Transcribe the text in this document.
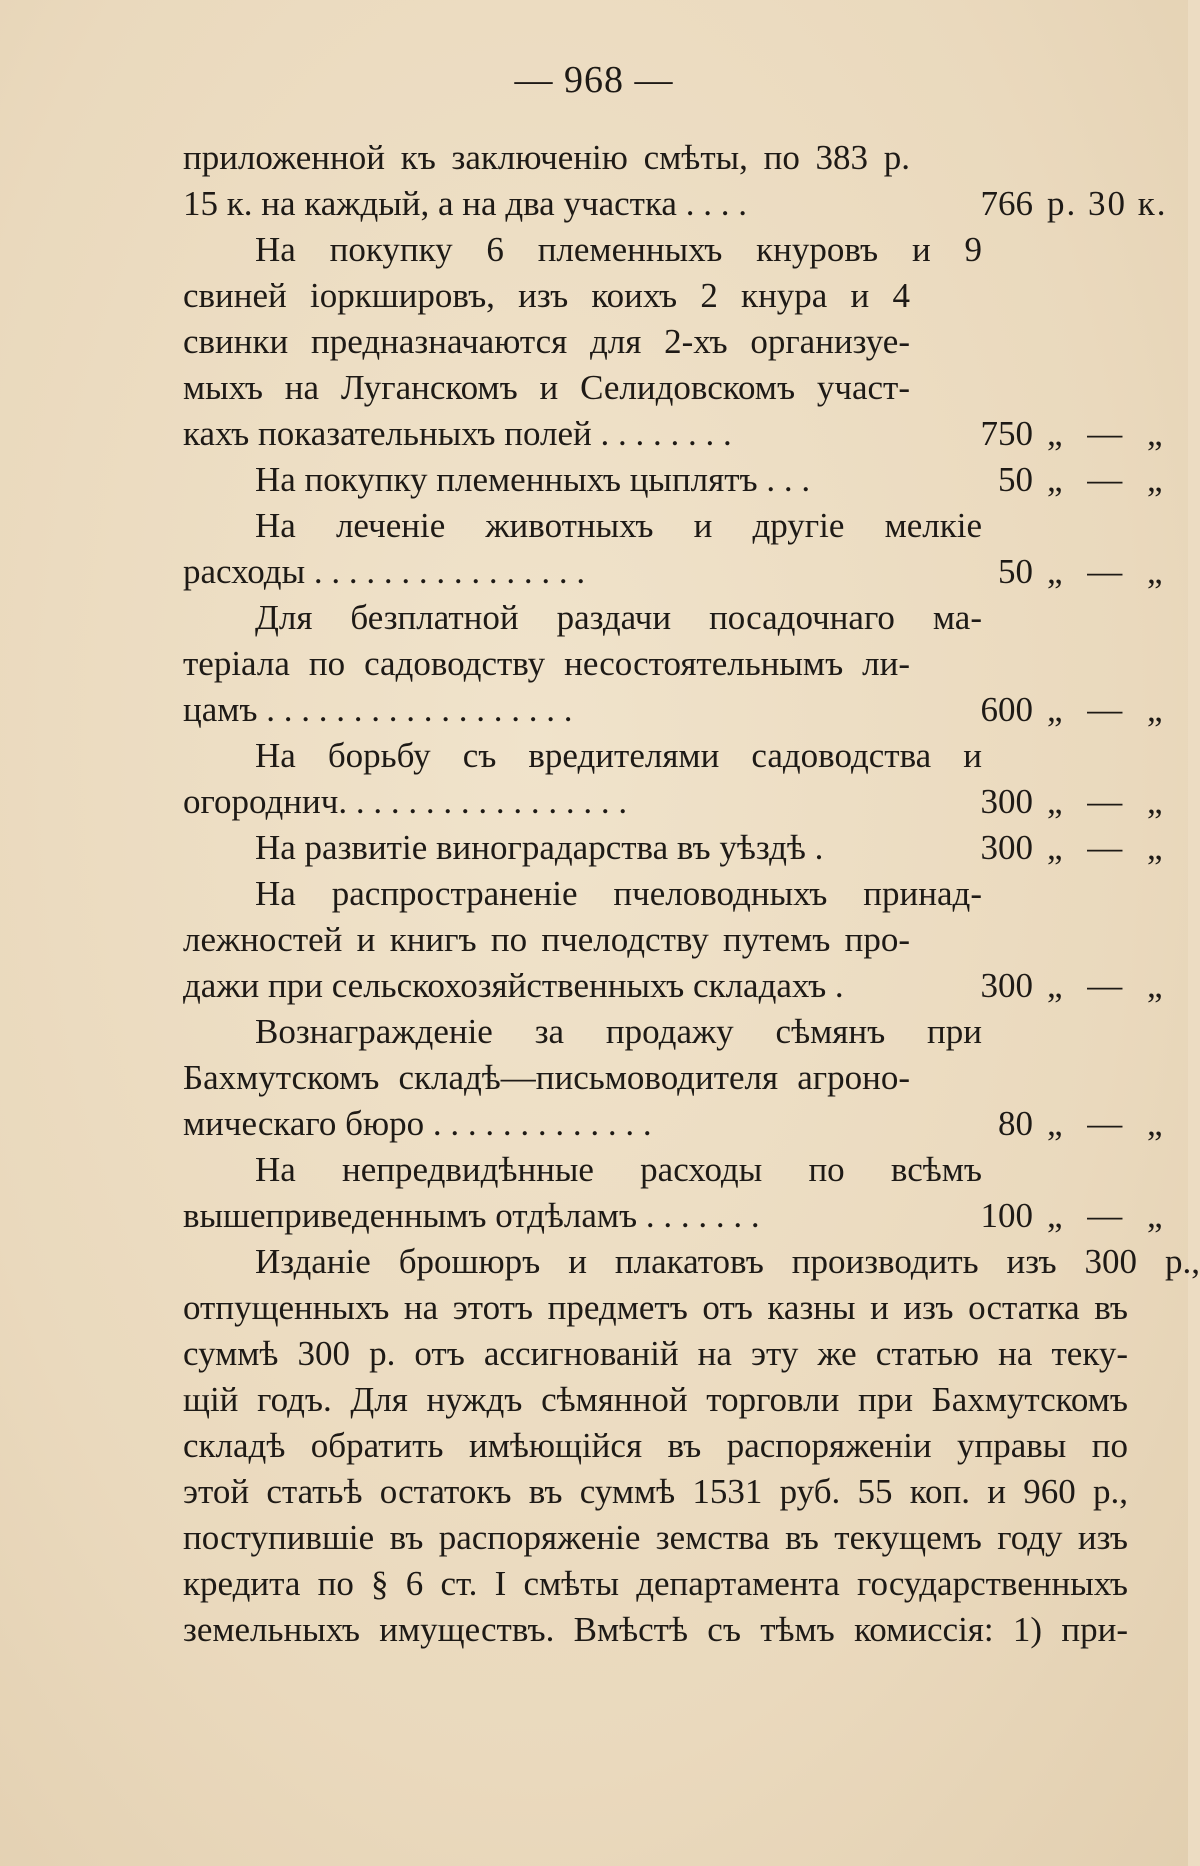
— 968 —
приложенной къ заключенію смѣты, по 383 р.
15 к. на каждый, а на два участка . . . .	766 р. 30 к.
На покупку 6 племенныхъ кнуровъ и 9
свиней іоркшировъ, изъ коихъ 2 кнура и 4
свинки предназначаются для 2-хъ организуе-
мыхъ на Луганскомъ и Селидовскомъ участ-
кахъ показательныхъ полей . . . . . . . .	750 „ — „
На покупку племенныхъ цыплятъ . . .	50 „ — „
На леченіе животныхъ и другіе мелкіе
расходы . . . . . . . . . . . . . . . .	50 „ — „
Для безплатной раздачи посадочнаго ма-
теріала по садоводству несостоятельнымъ ли-
цамъ . . . . . . . . . . . . . . . . . .	600 „ — „
На борьбу съ вредителями садоводства и
огороднич. . . . . . . . . . . . . . . . .	300 „ — „
На развитіе виноградарства въ уѣздѣ .	300 „ — „
На распространеніе пчеловодныхъ принад-
лежностей и книгъ по пчелодству путемъ про-
дажи при сельскохозяйственныхъ складахъ .	300 „ — „
Вознагражденіе за продажу сѣмянъ при
Бахмутскомъ складѣ—письмоводителя агроно-
мическаго бюро . . . . . . . . . . . . .	80 „ — „
На непредвидѣнные расходы по всѣмъ
вышеприведеннымъ отдѣламъ . . . . . . .	100 „ — „
Изданіе брошюръ и плакатовъ производить изъ 300 р.,
отпущенныхъ на этотъ предметъ отъ казны и изъ остатка въ
суммѣ 300 р. отъ ассигнованій на эту же статью на теку-
щій годъ. Для нуждъ сѣмянной торговли при Бахмутскомъ
складѣ обратить имѣющійся въ распоряженіи управы по
этой статьѣ остатокъ въ суммѣ 1531 руб. 55 коп. и 960 р.,
поступившіе въ распоряженіе земства въ текущемъ году изъ
кредита по § 6 ст. I смѣты департамента государственныхъ
земельныхъ имуществъ. Вмѣстѣ съ тѣмъ комиссія: 1) при-
